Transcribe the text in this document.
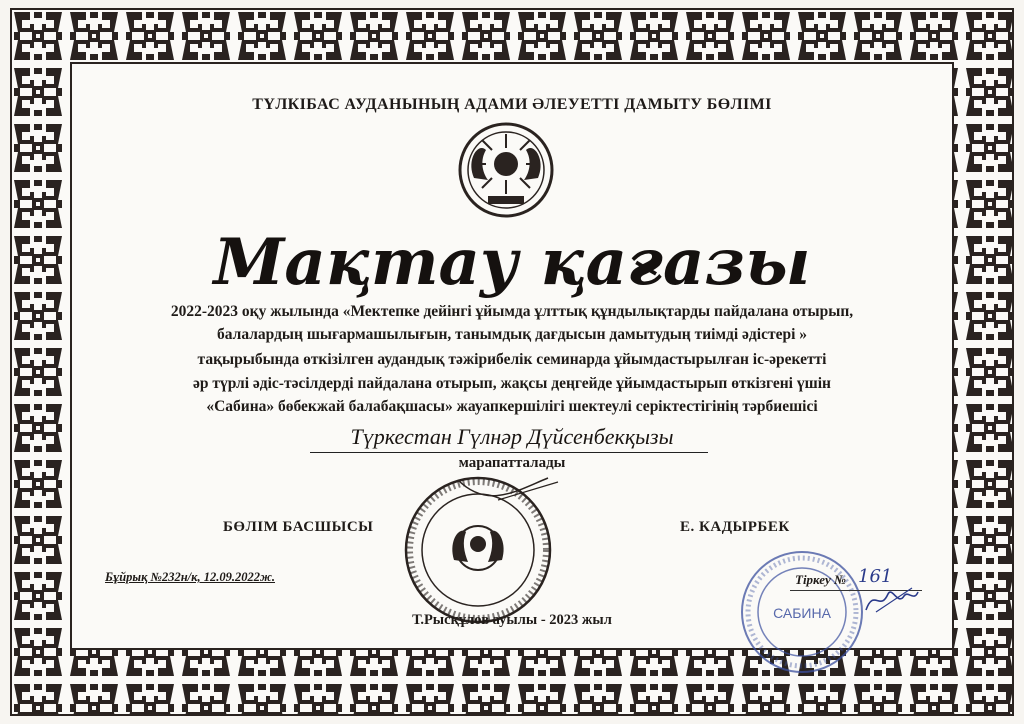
ТҮЛКІБАС АУДАНЫНЫҢ АДАМИ ӘЛЕУЕТТІ ДАМЫТУ БӨЛІМІ
Мақтау қағазы
2022-2023 оқу жылында «Мектепке дейінгі ұйымда ұлттық құндылықтарды пайдалана отырып,
балалардың шығармашылығын, танымдық дағдысын дамытудың тиімді әдістері »
тақырыбында өткізілген аудандық тәжірибелік семинарда ұйымдастырылған іс-әрекетті
әр түрлі әдіс-тәсілдерді пайдалана отырып, жақсы деңгейде ұйымдастырып өткізгені үшін
«Сабина» бөбекжай балабақшасы» жауапкершілігі шектеулі серіктестігінің тәрбиешісі
Түркестан Гүлнәр Дүйсенбекқызы
марапатталады
БӨЛІМ БАСШЫСЫ	Е. КАДЫРБЕК
Бұйрық №232н/к, 12.09.2022ж.
САБИНА
Тіркеу № 161
Т.Рысқұлов ауылы - 2023 жыл
